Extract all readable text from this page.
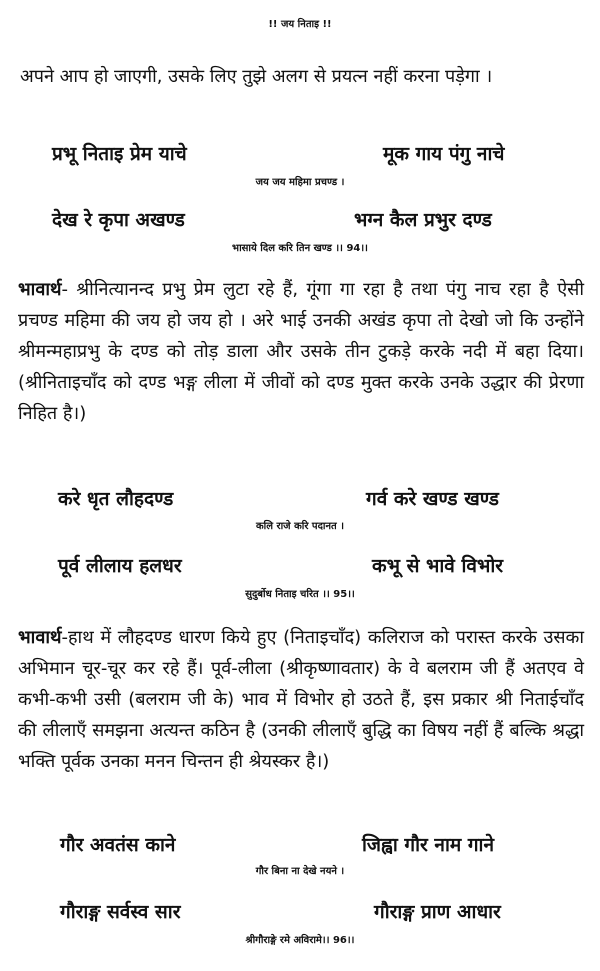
!! जय निताइ !!
अपने आप हो जाएगी, उसके लिए तुझे अलग से प्रयत्न नहीं करना पड़ेगा ।
प्रभू निताइ प्रेम याचे	मूक गाय पंगु नाचे
जय जय महिमा प्रचण्ड ।
देख रे कृपा अखण्ड	भग्न कैल प्रभुर दण्ड
भासाये दिल करि तिन खण्ड ।। 94।।
भावार्थ- श्रीनित्यानन्द प्रभु प्रेम लुटा रहे हैं, गूंगा गा रहा है तथा पंगु नाच रहा है ऐसी प्रचण्ड महिमा की जय हो जय हो । अरे भाई उनकी अखंड कृपा तो देखो जो कि उन्होंने श्रीमन्महाप्रभु के दण्ड को तोड़ डाला और उसके तीन टुकड़े करके नदी में बहा दिया। (श्रीनिताइचाँद को दण्ड भङ्ग लीला में जीवों को दण्ड मुक्त करके उनके उद्धार की प्रेरणा निहित है।)
करे धृत लौहदण्ड	गर्व करे खण्ड खण्ड
कलि राजे करि पदानत ।
पूर्व लीलाय हलधर	कभू से भावे विभोर
सुदुर्बोध निताइ चरित ।। 95।।
भावार्थ-हाथ में लौहदण्ड धारण किये हुए (निताइचाँद) कलिराज को परास्त करके उसका अभिमान चूर-चूर कर रहे हैं। पूर्व-लीला (श्रीकृष्णावतार) के वे बलराम जी हैं अतएव वे कभी-कभी उसी (बलराम जी के) भाव में विभोर हो उठते हैं, इस प्रकार श्री निताईचाँद की लीलाएँ समझना अत्यन्त कठिन है (उनकी लीलाएँ बुद्धि का विषय नहीं हैं बल्कि श्रद्धा भक्ति पूर्वक उनका मनन चिन्तन ही श्रेयस्कर है।)
गौर अवतंस काने	जिह्वा गौर नाम गाने
गौर बिना ना देखे नयने ।
गौराङ्ग सर्वस्व सार	गौराङ्ग प्राण आधार
श्रीगौराङ्गे रमे अविरामे।। 96।।
